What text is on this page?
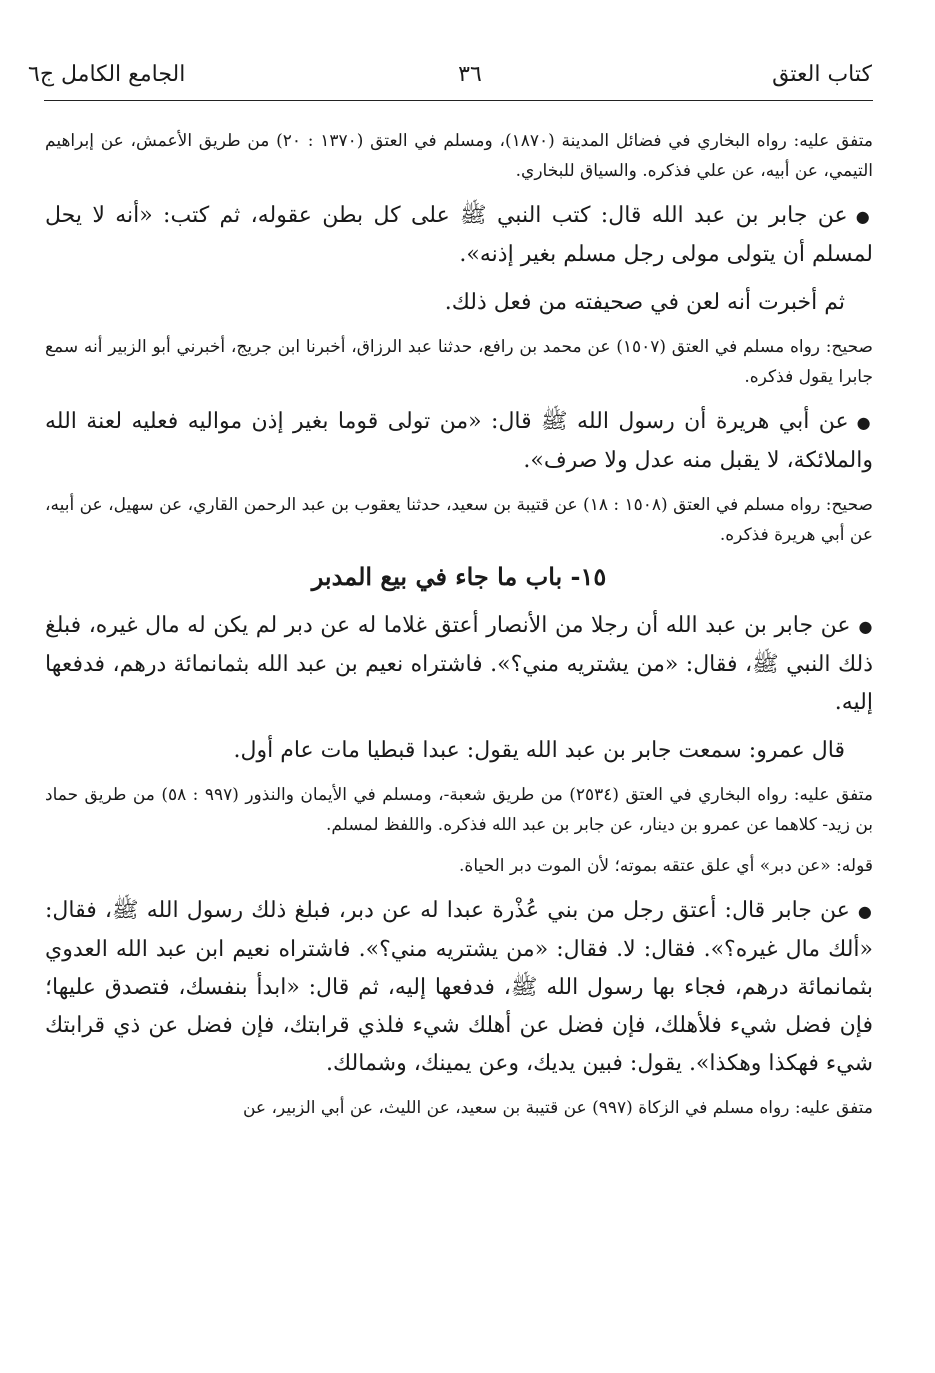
كتاب العتق
٣٦
الجامع الكامل ج٦

متفق عليه: رواه البخاري في فضائل المدينة (١٨٧٠)، ومسلم في العتق (١٣٧٠ : ٢٠) من طريق الأعمش، عن إبراهيم التيمي، عن أبيه، عن علي فذكره. والسياق للبخاري.

●عن جابر بن عبد الله قال: كتب النبي ﷺ على كل بطن عقوله، ثم كتب: «أنه لا يحل لمسلم أن يتولى مولى رجل مسلم بغير إذنه».

ثم أخبرت أنه لعن في صحيفته من فعل ذلك.

صحيح: رواه مسلم في العتق (١٥٠٧) عن محمد بن رافع، حدثنا عبد الرزاق، أخبرنا ابن جريج، أخبرني أبو الزبير أنه سمع جابرا يقول فذكره.

●عن أبي هريرة أن رسول الله ﷺ قال: «من تولى قوما بغير إذن مواليه فعليه لعنة الله والملائكة، لا يقبل منه عدل ولا صرف».

صحيح: رواه مسلم في العتق (١٥٠٨ : ١٨) عن قتيبة بن سعيد، حدثنا يعقوب بن عبد الرحمن القاري، عن سهيل، عن أبيه، عن أبي هريرة فذكره.

١٥- باب ما جاء في بيع المدبر

●عن جابر بن عبد الله أن رجلا من الأنصار أعتق غلاما له عن دبر لم يكن له مال غيره، فبلغ ذلك النبي ﷺ، فقال: «من يشتريه مني؟». فاشتراه نعيم بن عبد الله بثمانمائة درهم، فدفعها إليه.

قال عمرو: سمعت جابر بن عبد الله يقول: عبدا قبطيا مات عام أول.

متفق عليه: رواه البخاري في العتق (٢٥٣٤) من طريق شعبة-، ومسلم في الأيمان والنذور (٩٩٧ : ٥٨) من طريق حماد بن زيد- كلاهما عن عمرو بن دينار، عن جابر بن عبد الله فذكره. واللفظ لمسلم.

قوله: «عن دبر» أي علق عتقه بموته؛ لأن الموت دبر الحياة.

●عن جابر قال: أعتق رجل من بني عُذْرة عبدا له عن دبر، فبلغ ذلك رسول الله ﷺ، فقال: «ألك مال غيره؟». فقال: لا. فقال: «من يشتريه مني؟». فاشتراه نعيم ابن عبد الله العدوي بثمانمائة درهم، فجاء بها رسول الله ﷺ، فدفعها إليه، ثم قال: «ابدأ بنفسك، فتصدق عليها؛ فإن فضل شيء فلأهلك، فإن فضل عن أهلك شيء فلذي قرابتك، فإن فضل عن ذي قرابتك شيء فهكذا وهكذا». يقول: فبين يديك، وعن يمينك، وشمالك.

متفق عليه: رواه مسلم في الزكاة (٩٩٧) عن قتيبة بن سعيد، عن الليث، عن أبي الزبير، عن
